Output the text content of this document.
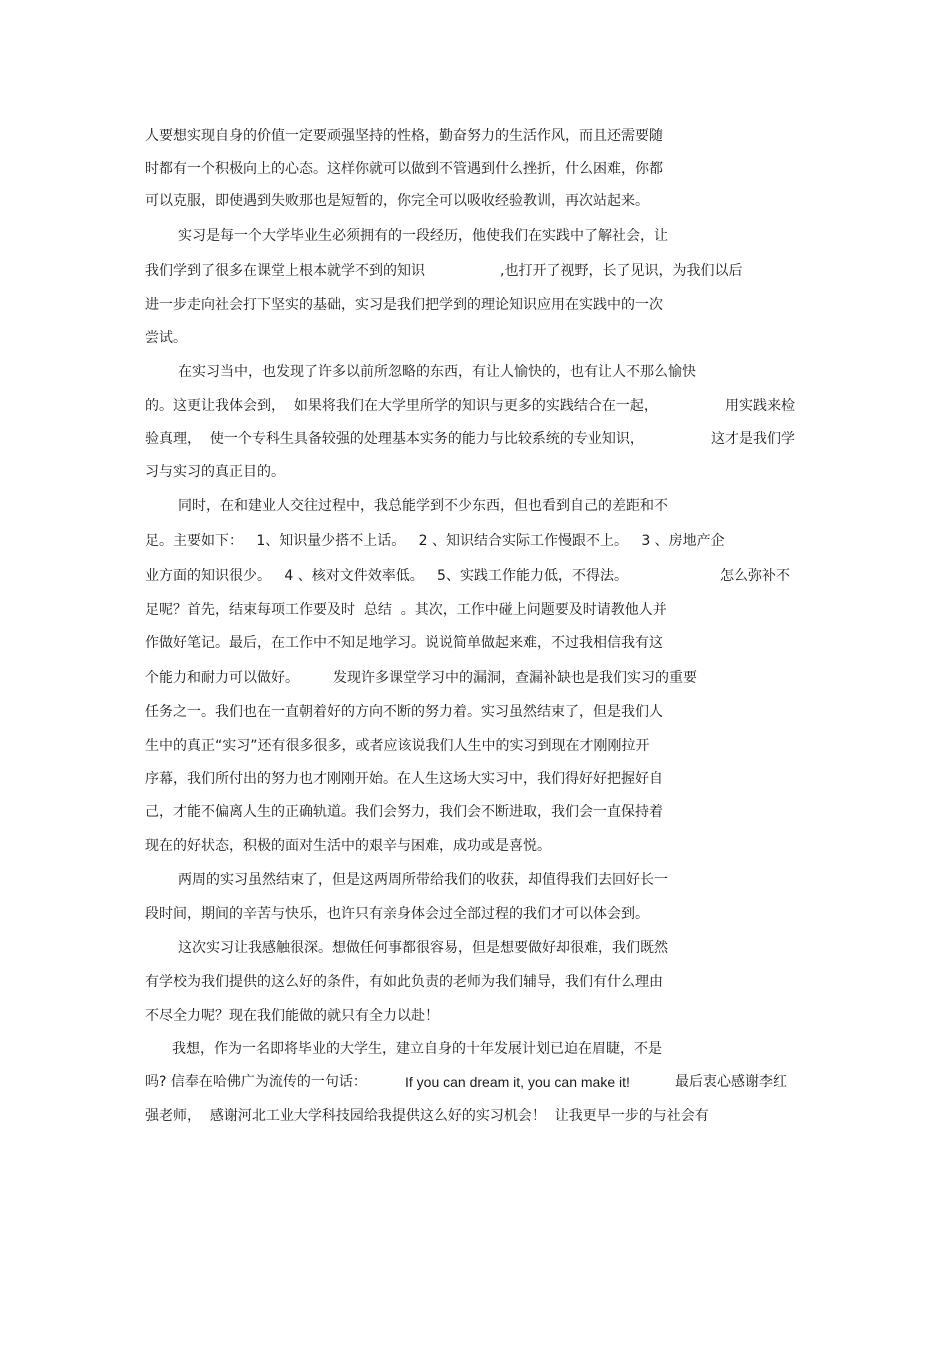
人要想实现自身的价值一定要顽强坚持的性格，勤奋努力的生活作风，而且还需要随
时都有一个积极向上的心态。这样你就可以做到不管遇到什么挫折，什么困难，你都
可以克服，即使遇到失败那也是短暂的，你完全可以吸收经验教训，再次站起来。
实习是每一个大学毕业生必须拥有的一段经历，他使我们在实践中了解社会，让

我们学到了很多在课堂上根本就学不到的知识

	,也打开了视野，长了见识，为我们以后

进一步走向社会打下坚实的基础，实习是我们把学到的理论知识应用在实践中的一次
尝试。
在实习当中，也发现了许多以前所忽略的东西，有让人愉快的，也有让人不那么愉快

的。这更让我体会到，  如果将我们在大学里所学的知识与更多的实践结合在一起，

	用实践来检

验真理，  使一个专科生具备较强的处理基本实务的能力与比较系统的专业知识，

	这才是我们学

习与实习的真正目的。
同时，在和建业人交往过程中，我总能学到不少东西，但也看到自己的差距和不
足。主要如下：   1、知识量少搭不上话。   2 、知识结合实际工作慢跟不上。   3 、房地产企

业方面的知识很少。   4 、核对文件效率低。   5、实践工作能力低，不得法。

	怎么弥补不

足呢？首先，结束每项工作要及时  总结  。其次，工作中碰上问题要及时请教他人并
作做好笔记。最后，在工作中不知足地学习。说说简单做起来难，不过我相信我有这

个能力和耐力可以做好。

发现许多课堂学习中的漏洞，查漏补缺也是我们实习的重要

任务之一。我们也在一直朝着好的方向不断的努力着。实习虽然结束了，但是我们人
生中的真正“实习”还有很多很多，或者应该说我们人生中的实习到现在才刚刚拉开
序幕，我们所付出的努力也才刚刚开始。在人生这场大实习中，我们得好好把握好自
己，才能不偏离人生的正确轨道。我们会努力，我们会不断进取，我们会一直保持着
现在的好状态，积极的面对生活中的艰辛与困难，成功或是喜悦。
两周的实习虽然结束了，但是这两周所带给我们的收获，却值得我们去回好长一
段时间，期间的辛苦与快乐，也许只有亲身体会过全部过程的我们才可以体会到。
这次实习让我感触很深。想做任何事都很容易，但是想要做好却很难，我们既然
有学校为我们提供的这么好的条件，有如此负责的老师为我们辅导，我们有什么理由
不尽全力呢？现在我们能做的就只有全力以赴！
我想，作为一名即将毕业的大学生，建立自身的十年发展计划已迫在眉睫，不是

吗? 信奉在哈佛广为流传的一句话：

	If you can dream it, you can make it!

	最后衷心感谢李红

强老师，  感谢河北工业大学科技园给我提供这么好的实习机会！  让我更早一步的与社会有
